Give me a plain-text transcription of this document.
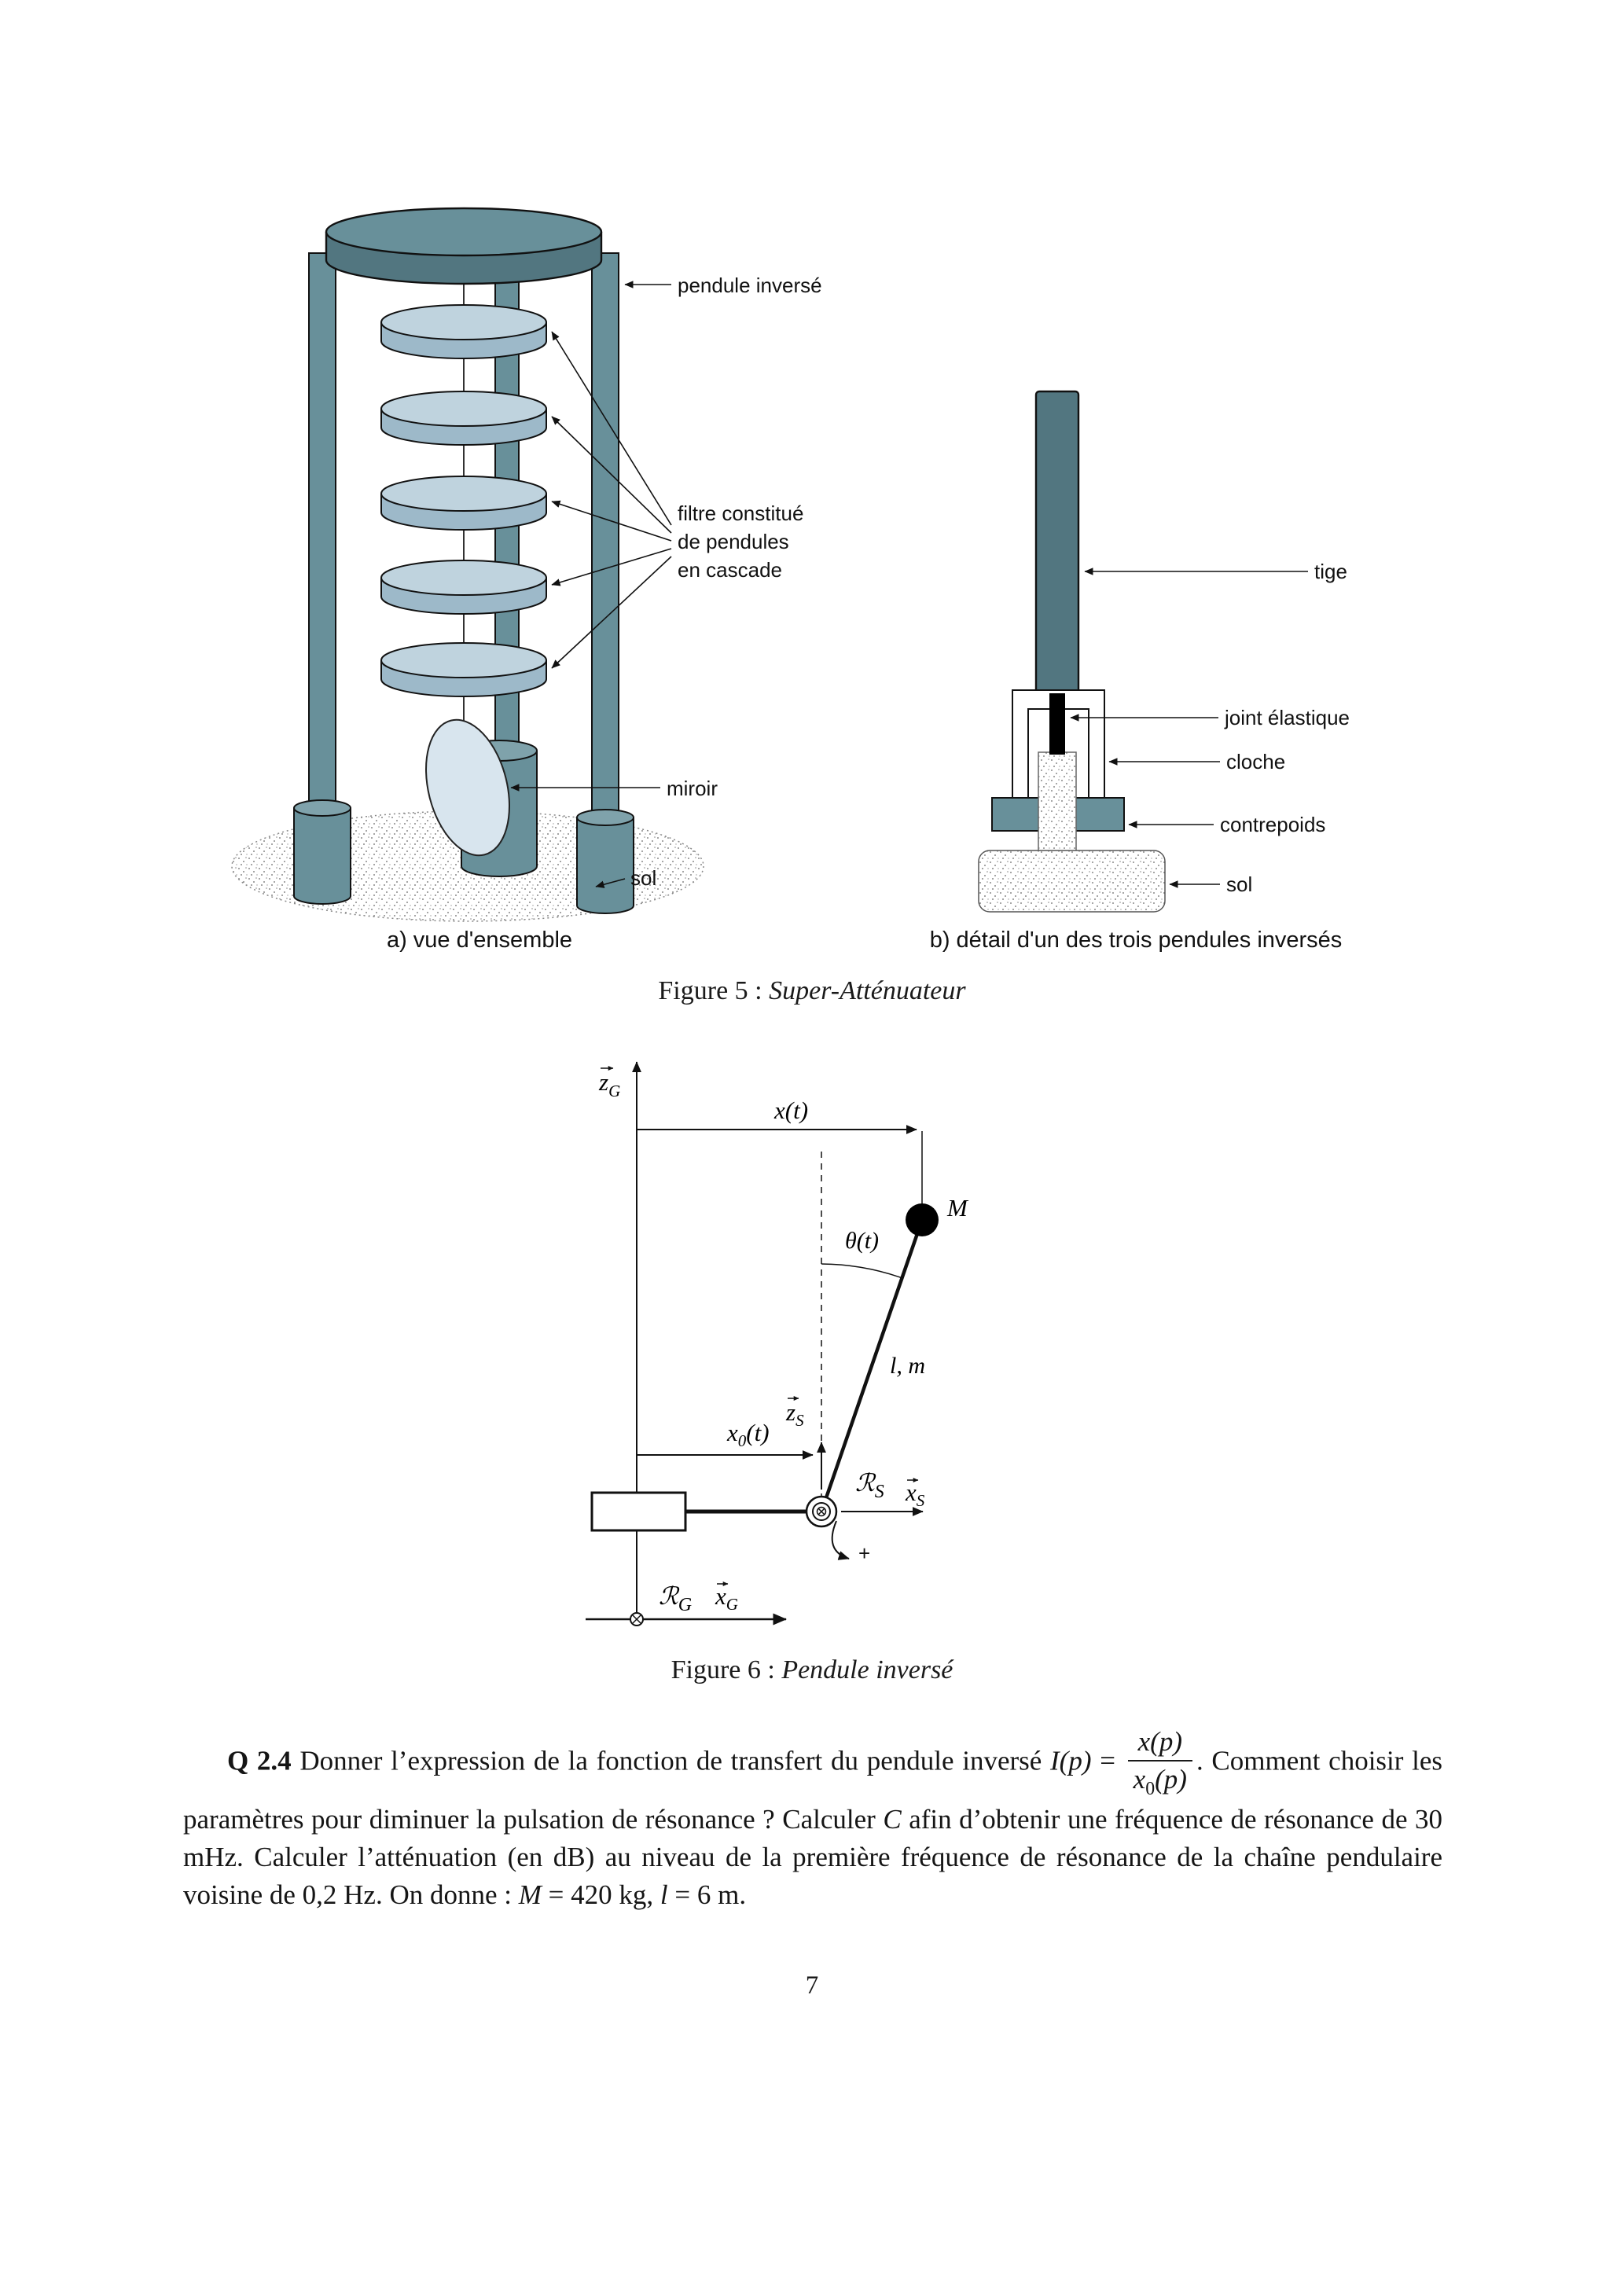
pendule inversé
filtre constitué
de pendules
en cascade
miroir
sol
tige
joint élastique
cloche
contrepoids
sol
a) vue d'ensemble	b) détail d'un des trois pendules inversés
Figure 5 : Super-Atténuateur
$z_G$
x(t)
M
θ(t)
l, m
$z_S$
$x_0(t)$
ℛ$_S$ $x_S$
+
ℛ$_G$ $x_G$
Figure 6 : Pendule inversé
Q 2.4 Donner l’expression de la fonction de transfert du pendule inversé $I(p) = \frac{x(p)}{x_0(p)}$ . Comment choisir les paramètres pour diminuer la pulsation de résonance ? Calculer C afin d’obtenir une fréquence de résonance de 30 mHz. Calculer l’atténuation (en dB) au niveau de la première fréquence de résonance de la chaîne pendulaire voisine de 0,2 Hz. On donne : M = 420 kg, l = 6 m.
7
